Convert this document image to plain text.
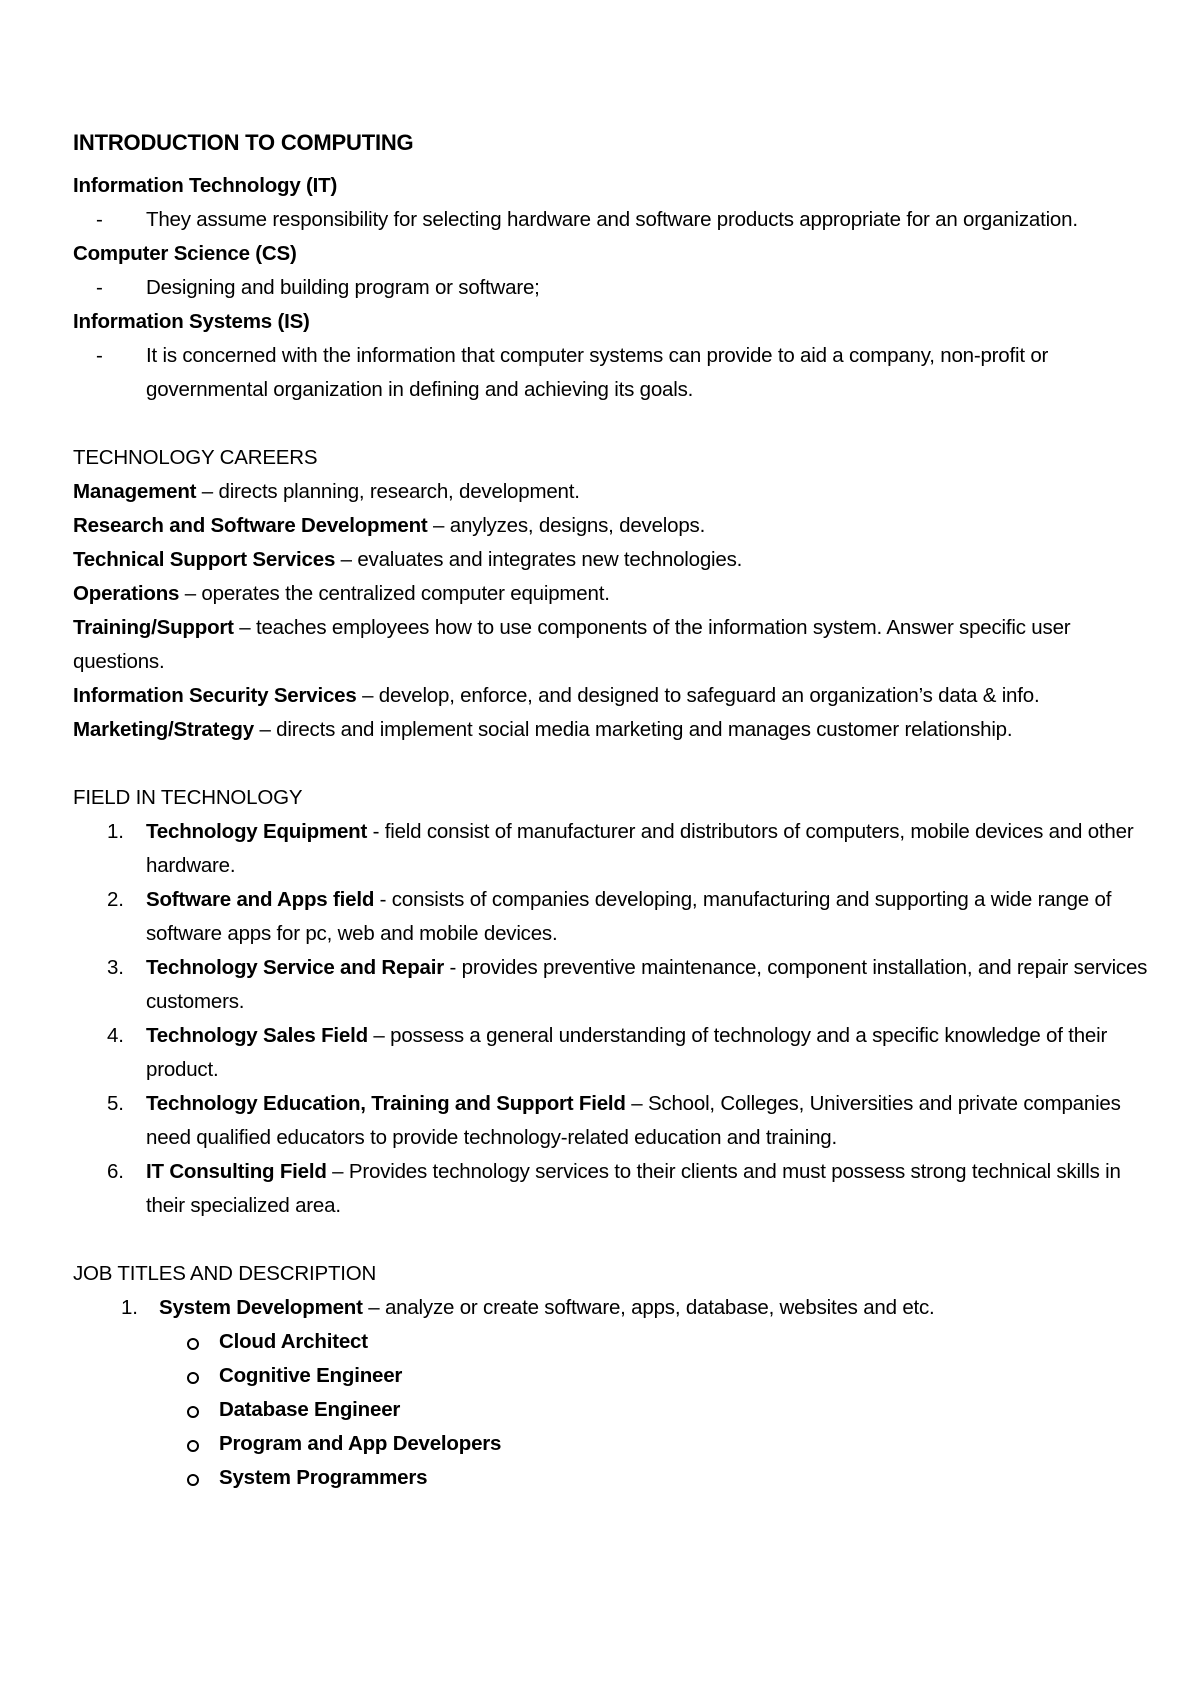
INTRODUCTION TO COMPUTING

Information Technology (IT)

- They assume responsibility for selecting hardware and software products appropriate for an organization.

Computer Science (CS)

- Designing and building program or software;

Information Systems (IS)

- It is concerned with the information that computer systems can provide to aid a company, non-profit or governmental organization in defining and achieving its goals.

TECHNOLOGY CAREERS

Management – directs planning, research, development.

Research and Software Development – anylyzes, designs, develops.

Technical Support Services – evaluates and integrates new technologies.

Operations – operates the centralized computer equipment.

Training/Support – teaches employees how to use components of the information system. Answer specific user questions.

Information Security Services – develop, enforce, and designed to safeguard an organization’s data & info.

Marketing/Strategy – directs and implement social media marketing and manages customer relationship.

FIELD IN TECHNOLOGY

1. Technology Equipment - field consist of manufacturer and distributors of computers, mobile devices and other hardware.
2. Software and Apps field - consists of companies developing, manufacturing and supporting a wide range of software apps for pc, web and mobile devices.
3. Technology Service and Repair - provides preventive maintenance, component installation, and repair services customers.
4. Technology Sales Field – possess a general understanding of technology and a specific knowledge of their product.
5. Technology Education, Training and Support Field – School, Colleges, Universities and private companies need qualified educators to provide technology-related education and training.
6. IT Consulting Field – Provides technology services to their clients and must possess strong technical skills in their specialized area.

JOB TITLES AND DESCRIPTION

1. System Development – analyze or create software, apps, database, websites and etc.
Cloud Architect
Cognitive Engineer
Database Engineer
Program and App Developers
System Programmers
